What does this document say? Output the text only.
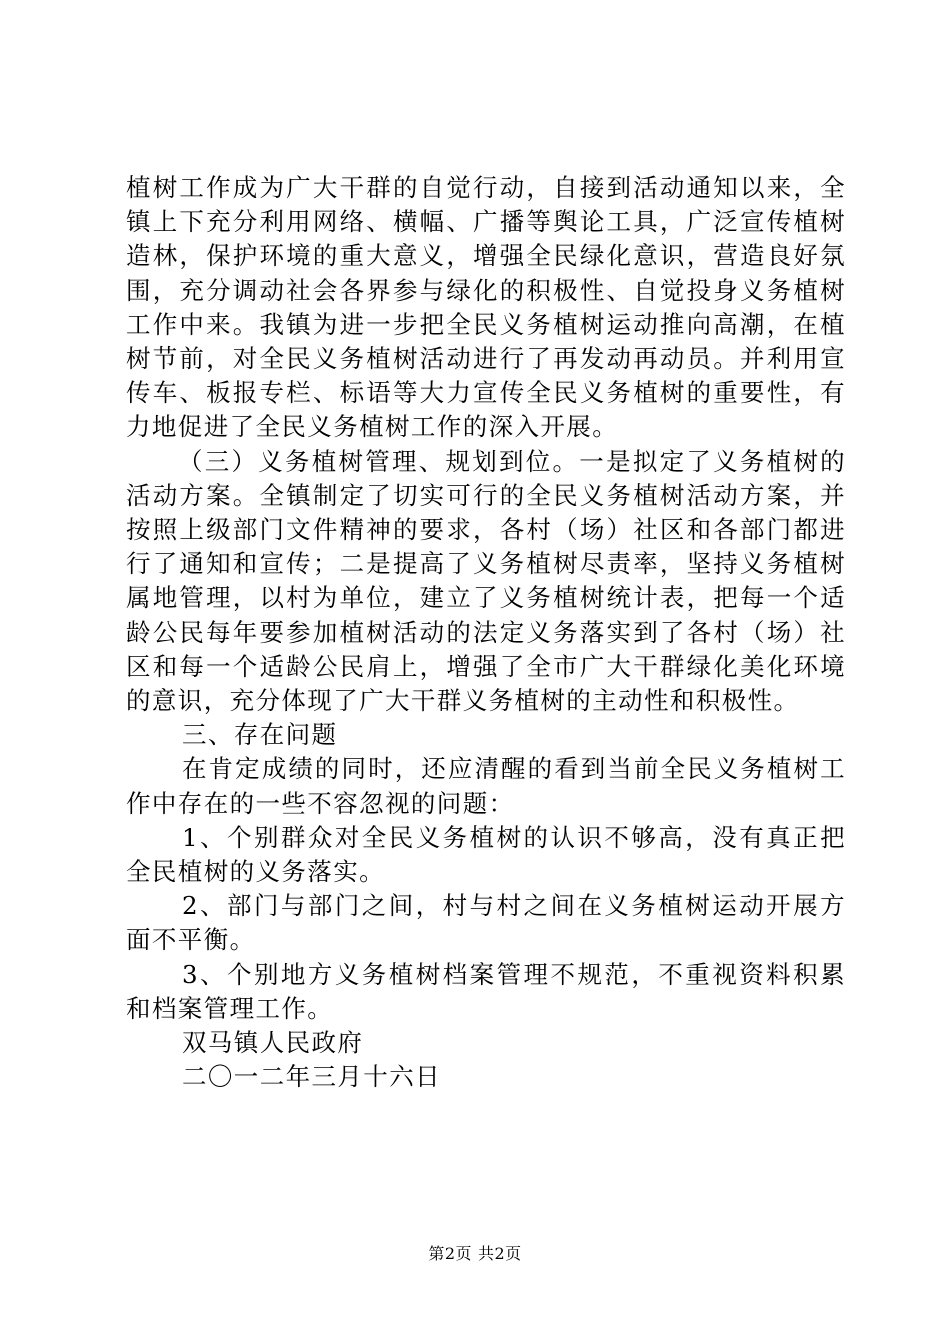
植树工作成为广大干群的自觉行动，自接到活动通知以来，全镇上下充分利用网络、横幅、广播等舆论工具，广泛宣传植树造林，保护环境的重大意义，增强全民绿化意识，营造良好氛围，充分调动社会各界参与绿化的积极性、自觉投身义务植树工作中来。我镇为进一步把全民义务植树运动推向高潮，在植树节前，对全民义务植树活动进行了再发动再动员。并利用宣传车、板报专栏、标语等大力宣传全民义务植树的重要性，有力地促进了全民义务植树工作的深入开展。

（三）义务植树管理、规划到位。一是拟定了义务植树的活动方案。全镇制定了切实可行的全民义务植树活动方案，并按照上级部门文件精神的要求，各村（场）社区和各部门都进行了通知和宣传；二是提高了义务植树尽责率，坚持义务植树属地管理，以村为单位，建立了义务植树统计表，把每一个适龄公民每年要参加植树活动的法定义务落实到了各村（场）社区和每一个适龄公民肩上，增强了全市广大干群绿化美化环境的意识，充分体现了广大干群义务植树的主动性和积极性。

三、存在问题

在肯定成绩的同时，还应清醒的看到当前全民义务植树工作中存在的一些不容忽视的问题：

1、个别群众对全民义务植树的认识不够高，没有真正把全民植树的义务落实。

2、部门与部门之间，村与村之间在义务植树运动开展方面不平衡。

3、个别地方义务植树档案管理不规范，不重视资料积累和档案管理工作。

双马镇人民政府

二〇一二年三月十六日

第2页 共2页
